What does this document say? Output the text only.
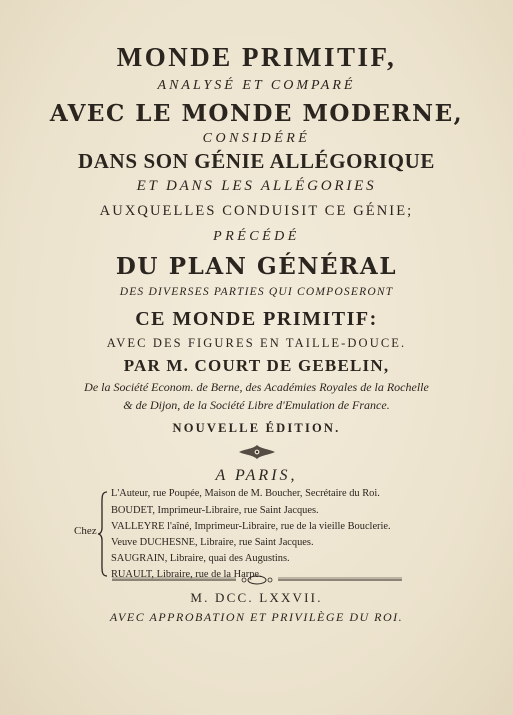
MONDE PRIMITIF,
ANALYSÉ ET COMPARÉ
AVEC LE MONDE MODERNE,
CONSIDÉRÉ
DANS SON GÉNIE ALLÉGORIQUE
ET DANS LES ALLÉGORIES
AUXQUELLES CONDUISIT CE GÉNIE;
PRÉCÉDÉ
DU PLAN GÉNÉRAL
DES DIVERSES PARTIES QUI COMPOSERONT
CE MONDE PRIMITIF:
AVEC DES FIGURES EN TAILLE-DOUCE.
PAR M. COURT DE GEBELIN,
De la Société Econom. de Berne, des Académies Royales de la Rochelle
& de Dijon, de la Société Libre d'Emulation de France.
NOUVELLE ÉDITION.
A PARIS,
Chez
L'Auteur, rue Poupée, Maison de M. Boucher, Secrétaire du Roi.
BOUDET, Imprimeur-Libraire, rue Saint Jacques.
VALLEYRE l'aîné, Imprimeur-Libraire, rue de la vieille Bouclerie.
Veuve DUCHESNE, Libraire, rue Saint Jacques.
SAUGRAIN, Libraire, quai des Augustins.
RUAULT, Libraire, rue de la Harpe.
M. DCC. LXXVII.
AVEC APPROBATION ET PRIVILÈGE DU ROI.
